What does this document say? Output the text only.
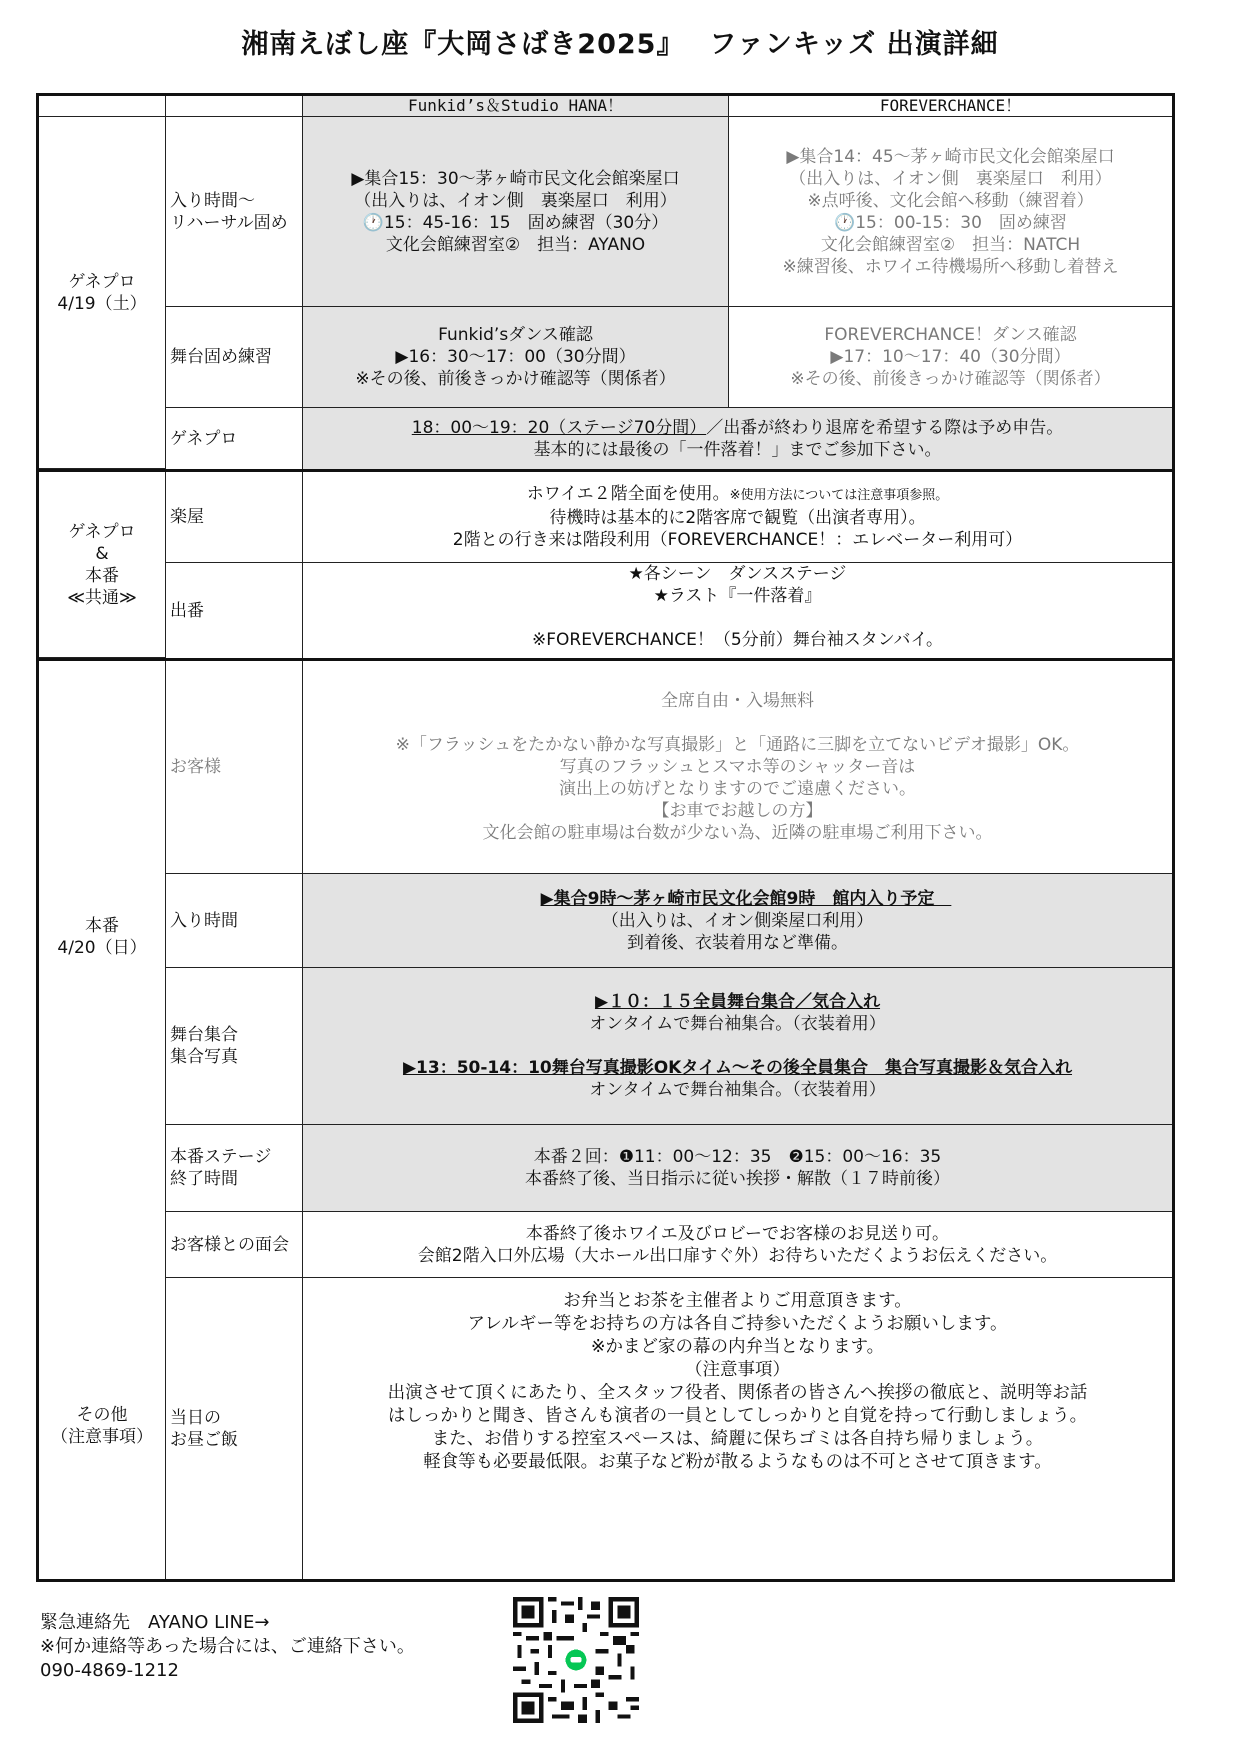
湘南えぼし座『大岡さばき2025』　 ファンキッズ 出演詳細
Funkid’s＆Studio HANA！	FOREVERCHANCE！
ゲネプロ
4/19（土）
入り時間～
リハーサル固め
▶集合15：30～茅ヶ崎市民文化会館楽屋口
（出入りは、イオン側　裏楽屋口　利用）
🕐15：45-16：15　固め練習（30分）
文化会館練習室②　担当：AYANO
▶集合14：45～茅ヶ崎市民文化会館楽屋口
（出入りは、イオン側　裏楽屋口　利用）
※点呼後、文化会館へ移動（練習着）
🕐15：00-15：30　固め練習
文化会館練習室②　担当：NATCH
※練習後、ホワイエ待機場所へ移動し着替え
舞台固め練習
Funkid’sダンス確認
▶16：30～17：00（30分間）
※その後、前後きっかけ確認等（関係者）
FOREVERCHANCE！ダンス確認
▶17：10～17：40（30分間）
※その後、前後きっかけ確認等（関係者）
ゲネプロ
18：00～19：20（ステージ70分間）／出番が終わり退席を希望する際は予め申告。
基本的には最後の「一件落着！」までご参加下さい。
ゲネプロ
&
本番
≪共通≫
楽屋
ホワイエ２階全面を使用。※使用方法については注意事項参照。
待機時は基本的に2階客席で観覧（出演者専用）。
2階との行き来は階段利用（FOREVERCHANCE！：エレベーター利用可）
出番
★各シーン　ダンスステージ
★ラスト『一件落着』
※FOREVERCHANCE！（5分前）舞台袖スタンバイ。
本番
4/20（日）
お客様
全席自由・入場無料
※「フラッシュをたかない静かな写真撮影」と「通路に三脚を立てないビデオ撮影」OK。
写真のフラッシュとスマホ等のシャッター音は
演出上の妨げとなりますのでご遠慮ください。
【お車でお越しの方】
文化会館の駐車場は台数が少ない為、近隣の駐車場ご利用下さい。
入り時間
▶集合9時～茅ヶ崎市民文化会館9時　館内入り予定　
（出入りは、イオン側楽屋口利用）
到着後、衣装着用など準備。
舞台集合
集合写真
▶１０：１５全員舞台集合／気合入れ
オンタイムで舞台袖集合。（衣装着用）
▶13：50-14：10舞台写真撮影OKタイム～その後全員集合　集合写真撮影＆気合入れ
オンタイムで舞台袖集合。（衣装着用）
本番ステージ
終了時間
本番２回：❶11：00～12：35　❷15：00～16：35
本番終了後、当日指示に従い挨拶・解散（１７時前後）
その他
（注意事項）
お客様との面会
本番終了後ホワイエ及びロビーでお客様のお見送り可。
会館2階入口外広場（大ホール出口扉すぐ外）お待ちいただくようお伝えください。
当日の
お昼ご飯
お弁当とお茶を主催者よりご用意頂きます。
アレルギー等をお持ちの方は各自ご持参いただくようお願いします。
※かまど家の幕の内弁当となります。
（注意事項）
出演させて頂くにあたり、全スタッフ役者、関係者の皆さんへ挨拶の徹底と、説明等お話
はしっかりと聞き、皆さんも演者の一員としてしっかりと自覚を持って行動しましょう。
また、お借りする控室スペースは、綺麗に保ちゴミは各自持ち帰りましょう。
軽食等も必要最低限。お菓子など粉が散るようなものは不可とさせて頂きます。
緊急連絡先　AYANO LINE→
※何か連絡等あった場合には、ご連絡下さい。
090-4869-1212
